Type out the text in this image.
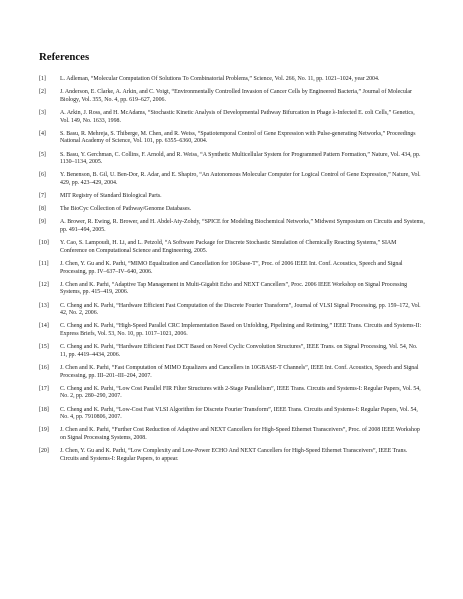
References
[1]	L. Adleman, “Molecular Computation Of Solutions To Combinatorial Problems,” Science, Vol. 266, No. 11, pp. 1021–1024, year 2004.
[2]	J. Anderson, E. Clarke, A. Arkin, and C. Voigt, “Environmentally Controlled Invasion of Cancer Cells by Engineered Bacteria,” Journal of Molecular Biology, Vol. 355, No. 4, pp. 619–627, 2006.
[3]	A. Arkin, J. Ross, and H. McAdams, “Stochastic Kinetic Analysis of Developmental Pathway Bifurcation in Phage λ-Infected E. coli Cells,” Genetics, Vol. 149, No. 1633, 1998.
[4]	S. Basu, R. Mehreja, S. Thiberge, M. Chen, and R. Weiss, “Spatiotemporal Control of Gene Expression with Pulse-generating Networks,” Proceedings National Academy of Science, Vol. 101, pp. 6355–6360, 2004.
[5]	S. Basu, Y. Gerchman, C. Collins, F. Arnold, and R. Weiss, “A Synthetic Multicellular System for Programmed Pattern Formation,” Nature, Vol. 434, pp. 1130–1134, 2005.
[6]	Y. Benenson, B. Gil, U. Ben-Dor, R. Adar, and E. Shapiro, “An Autonomous Molecular Computer for Logical Control of Gene Expression,” Nature, Vol. 429, pp. 423–429, 2004.
[7]	MIT Registry of Standard Biological Parts.
[8]	The BioCyc Collection of Pathway/Genome Databases.
[9]	A. Brower, R. Ewing, R. Brower, and H. Abdel-Aty-Zohdy, “SPICE for Modeling Biochemical Networks,” Midwest Symposium on Circuits and Systems, pp. 491–494, 2005.
[10]	Y. Cao, S. Lampoudi, H. Li, and L. Petzold, “A Software Package for Discrete Stochastic Simulation of Chemically Reacting Systems,” SIAM Conference on Computational Science and Engineering, 2005.
[11]	J. Chen, Y. Gu and K. Parhi, “MIMO Equalization and Cancellation for 10Gbase-T”, Proc. of 2006 IEEE Int. Conf. Acoustics, Speech and Signal Processing, pp. IV–637–IV–640, 2006.
[12]	J. Chen and K. Parhi, “Adaptive Tap Management in Multi-Gigabit Echo and NEXT Cancellers”, Proc. 2006 IEEE Workshop on Signal Processing Systems, pp. 415–419, 2006.
[13]	C. Cheng and K. Parhi, “Hardware Efficient Fast Computation of the Discrete Fourier Transform”, Journal of VLSI Signal Processing, pp. 159–172, Vol. 42, No. 2, 2006.
[14]	C. Cheng and K. Parhi, “High-Speed Parallel CRC Implementation Based on Unfolding, Pipelining and Retiming,” IEEE Trans. Circuits and Systems-II: Express Briefs, Vol. 53, No. 10, pp. 1017–1021, 2006.
[15]	C. Cheng and K. Parhi, “Hardware Efficient Fast DCT Based on Novel Cyclic Convolution Structures”, IEEE Trans. on Signal Processing, Vol. 54, No. 11, pp. 4419–4434, 2006.
[16]	J. Chen and K. Parhi, “Fast Computation of MIMO Equalizers and Cancellers in 10GBASE-T Channels”, IEEE Int. Conf. Acoustics, Speech and Signal Processing, pp. III–201–III–204, 2007.
[17]	C. Cheng and K. Parhi, “Low Cost Parallel FIR Filter Structures with 2-Stage Parallelism”, IEEE Trans. Circuits and Systems-I: Regular Papers, Vol. 54, No. 2, pp. 280–290, 2007.
[18]	C. Cheng and K. Parhi, “Low-Cost Fast VLSI Algorithm for Discrete Fourier Transform”, IEEE Trans. Circuits and Systems-I: Regular Papers, Vol. 54, No. 4, pp. 7910806, 2007.
[19]	J. Chen and K. Parhi, “Further Cost Reduction of Adaptive and NEXT Cancellers for High-Speed Ethernet Transceivers”, Proc. of 2008 IEEE Workshop on Signal Processing Systems, 2008.
[20]	J. Chen, Y. Gu and K. Parhi, “Low Complexity and Low-Power ECHO And NEXT Cancellers for High-Speed Ethernet Transceivers”, IEEE Trans. Circuits and Systems-I: Regular Papers, to appear.
